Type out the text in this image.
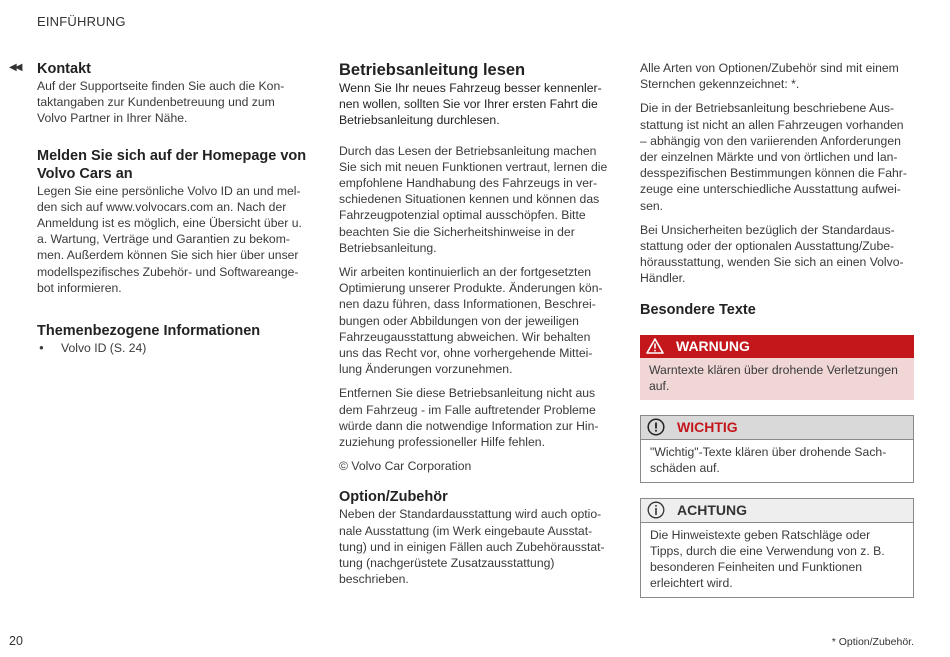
EINFÜHRUNG
◀◀ Kontakt

Auf der Supportseite finden Sie auch die Kon-
taktangaben zur Kundenbetreuung und zum
Volvo Partner in Ihrer Nähe.

Melden Sie sich auf der Homepage von
Volvo Cars an

Legen Sie eine persönliche Volvo ID an und mel-
den sich auf www.volvocars.com an. Nach der
Anmeldung ist es möglich, eine Übersicht über u.
a. Wartung, Verträge und Garantien zu bekom-
men. Außerdem können Sie sich hier über unser
modellspezifisches Zubehör- und Softwareange-
bot informieren.

Themenbezogene Informationen
● Volvo ID (S. 24)
Betriebsanleitung lesen

Wenn Sie Ihr neues Fahrzeug besser kennenler-
nen wollen, sollten Sie vor Ihrer ersten Fahrt die
Betriebsanleitung durchlesen.

Durch das Lesen der Betriebsanleitung machen
Sie sich mit neuen Funktionen vertraut, lernen die
empfohlene Handhabung des Fahrzeugs in ver-
schiedenen Situationen kennen und können das
Fahrzeugpotenzial optimal ausschöpfen. Bitte
beachten Sie die Sicherheitshinweise in der
Betriebsanleitung.

Wir arbeiten kontinuierlich an der fortgesetzten
Optimierung unserer Produkte. Änderungen kön-
nen dazu führen, dass Informationen, Beschrei-
bungen oder Abbildungen von der jeweiligen
Fahrzeugausstattung abweichen. Wir behalten
uns das Recht vor, ohne vorhergehende Mittei-
lung Änderungen vorzunehmen.

Entfernen Sie diese Betriebsanleitung nicht aus
dem Fahrzeug - im Falle auftretender Probleme
würde dann die notwendige Information zur Hin-
zuziehung professioneller Hilfe fehlen.

© Volvo Car Corporation

Option/Zubehör

Neben der Standardausstattung wird auch optio-
nale Ausstattung (im Werk eingebaute Ausstat-
tung) und in einigen Fällen auch Zubehörausstat-
tung (nachgerüstete Zusatzausstattung)
beschrieben.

Alle Arten von Optionen/Zubehör sind mit einem
Sternchen gekennzeichnet: *.

Die in der Betriebsanleitung beschriebene Aus-
stattung ist nicht an allen Fahrzeugen vorhanden
– abhängig von den variierenden Anforderungen
der einzelnen Märkte und von örtlichen und lan-
desspezifischen Bestimmungen können die Fahr-
zeuge eine unterschiedliche Ausstattung aufwei-
sen.

Bei Unsicherheiten bezüglich der Standardaus-
stattung oder der optionalen Ausstattung/Zube-
hörausstattung, wenden Sie sich an einen Volvo-
Händler.

Besondere Texte
WARNUNG
Warntexte klären über drohende Verletzungen
auf.
WICHTIG
"Wichtig"-Texte klären über drohende Sach-
schäden auf.
ACHTUNG
Die Hinweistexte geben Ratschläge oder
Tipps, durch die eine Verwendung von z. B.
besonderen Feinheiten und Funktionen
erleichtert wird.
20	* Option/Zubehör.
